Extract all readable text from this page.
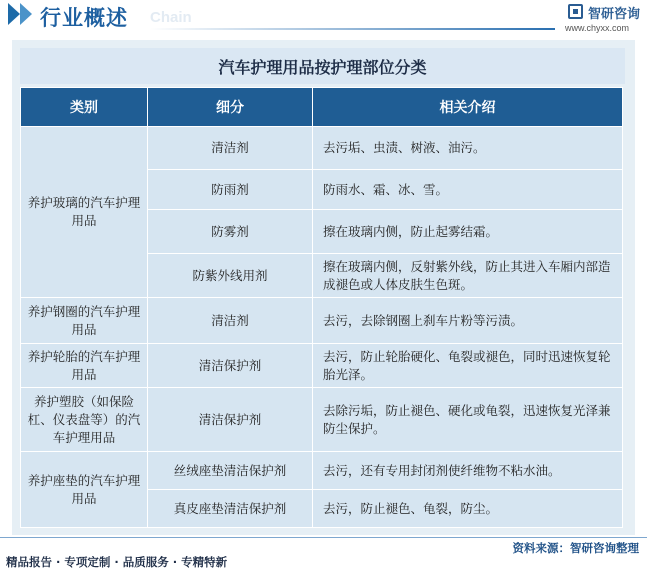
行业概述 Chain	智研咨询
www.chyxx.com
汽车护理用品按护理部位分类
类别	细分	相关介绍
养护玻璃的汽车护理用品	清洁剂	去污垢、虫渍、树液、油污。
	防雨剂	防雨水、霜、冰、雪。
	防雾剂	擦在玻璃内侧，防止起雾结霜。
	防紫外线用剂	擦在玻璃内侧，反射紫外线，防止其进入车厢内部造成褪色或人体皮肤生色斑。
养护钢圈的汽车护理用品	清洁剂	去污，去除钢圈上刹车片粉等污渍。
养护轮胎的汽车护理用品	清洁保护剂	去污，防止轮胎硬化、龟裂或褪色，同时迅速恢复轮胎光泽。
养护塑胶（如保险杠、仪表盘等）的汽车护理用品	清洁保护剂	去除污垢，防止褪色、硬化或龟裂，迅速恢复光泽兼防尘保护。
养护座垫的汽车护理用品	丝绒座垫清洁保护剂	去污，还有专用封闭剂使纤维物不粘水油。
	真皮座垫清洁保护剂	去污，防止褪色、龟裂，防尘。
资料来源：智研咨询整理
精品报告 · 专项定制 · 品质服务 · 专精特新
